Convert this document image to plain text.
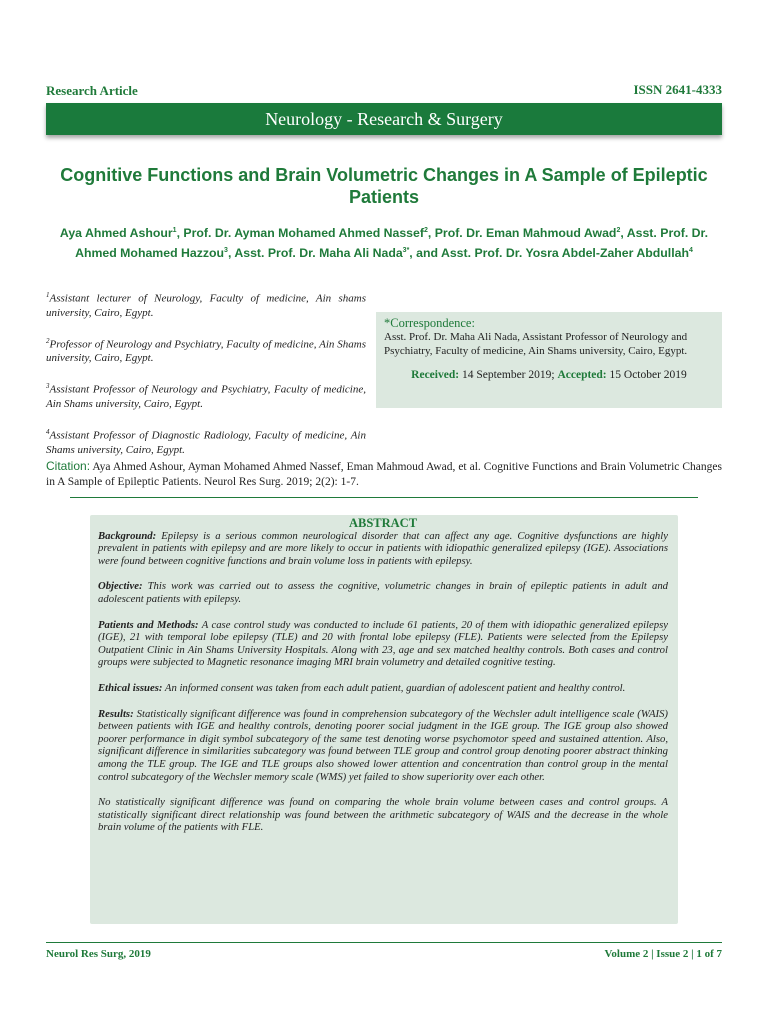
Research Article	ISSN 2641-4333
Neurology - Research & Surgery
Cognitive Functions and Brain Volumetric Changes in A Sample of Epileptic Patients
Aya Ahmed Ashour$^1$, Prof. Dr. Ayman Mohamed Ahmed Nassef$^2$, Prof. Dr. Eman Mahmoud Awad$^2$, Asst. Prof. Dr. Ahmed Mohamed Hazzou$^3$, Asst. Prof. Dr. Maha Ali Nada$^{3*}$, and Asst. Prof. Dr. Yosra Abdel-Zaher Abdullah$^4$
$^1$Assistant lecturer of Neurology, Faculty of medicine, Ain shams university, Cairo, Egypt.
$^2$Professor of Neurology and Psychiatry, Faculty of medicine, Ain Shams university, Cairo, Egypt.
$^3$Assistant Professor of Neurology and Psychiatry, Faculty of medicine, Ain Shams university, Cairo, Egypt.
$^4$Assistant Professor of Diagnostic Radiology, Faculty of medicine, Ain Shams university, Cairo, Egypt.
*Correspondence:
Asst. Prof. Dr. Maha Ali Nada, Assistant Professor of Neurology and Psychiatry, Faculty of medicine, Ain Shams university, Cairo, Egypt.
Received: 14 September 2019; Accepted: 15 October 2019
Citation: Aya Ahmed Ashour, Ayman Mohamed Ahmed Nassef, Eman Mahmoud Awad, et al. Cognitive Functions and Brain Volumetric Changes in A Sample of Epileptic Patients. Neurol Res Surg. 2019; 2(2): 1-7.
ABSTRACT
Background: Epilepsy is a serious common neurological disorder that can affect any age. Cognitive dysfunctions are highly prevalent in patients with epilepsy and are more likely to occur in patients with idiopathic generalized epilepsy (IGE). Associations were found between cognitive functions and brain volume loss in patients with epilepsy.
Objective: This work was carried out to assess the cognitive, volumetric changes in brain of epileptic patients in adult and adolescent patients with epilepsy.
Patients and Methods: A case control study was conducted to include 61 patients, 20 of them with idiopathic generalized epilepsy (IGE), 21 with temporal lobe epilepsy (TLE) and 20 with frontal lobe epilepsy (FLE). Patients were selected from the Epilepsy Outpatient Clinic in Ain Shams University Hospitals. Along with 23, age and sex matched healthy controls. Both cases and control groups were subjected to Magnetic resonance imaging MRI brain volumetry and detailed cognitive testing.
Ethical issues: An informed consent was taken from each adult patient, guardian of adolescent patient and healthy control.
Results: Statistically significant difference was found in comprehension subcategory of the Wechsler adult intelligence scale (WAIS) between patients with IGE and healthy controls, denoting poorer social judgment in the IGE group. The IGE group also showed poorer performance in digit symbol subcategory of the same test denoting worse psychomotor speed and sustained attention. Also, significant difference in similarities subcategory was found between TLE group and control group denoting poorer abstract thinking among the TLE group. The IGE and TLE groups also showed lower attention and concentration than control group in the mental control subcategory of the Wechsler memory scale (WMS) yet failed to show superiority over each other.
No statistically significant difference was found on comparing the whole brain volume between cases and control groups. A statistically significant direct relationship was found between the arithmetic subcategory of WAIS and the decrease in the whole brain volume of the patients with FLE.
Neurol Res Surg, 2019	Volume 2 | Issue 2 | 1 of 7
